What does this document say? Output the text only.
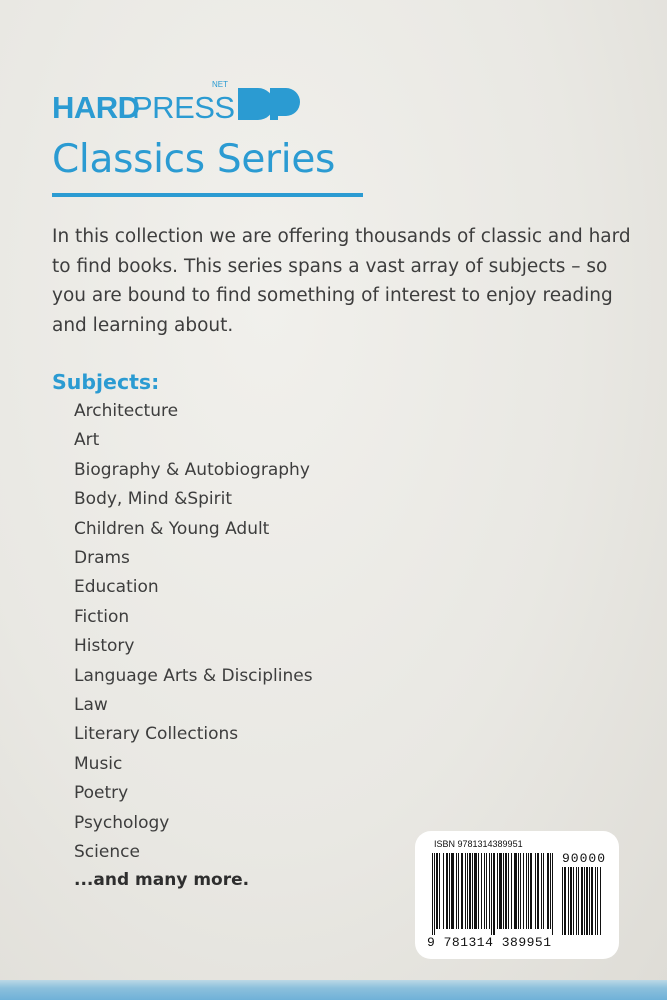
HARD
PRESS
NET
Classics Series

In this collection we are offering thousands of classic and hard to find books. This series spans a vast array of subjects – so you are bound to find something of interest to enjoy reading and learning about.

Subjects:
Architecture
Art
Biography & Autobiography
Body, Mind &Spirit
Children & Young Adult
Drams
Education
Fiction
History
Language Arts & Disciplines
Law
Literary Collections
Music
Poetry
Psychology
Science
...and many more.
ISBN 9781314389951
90000
9 781314 389951
